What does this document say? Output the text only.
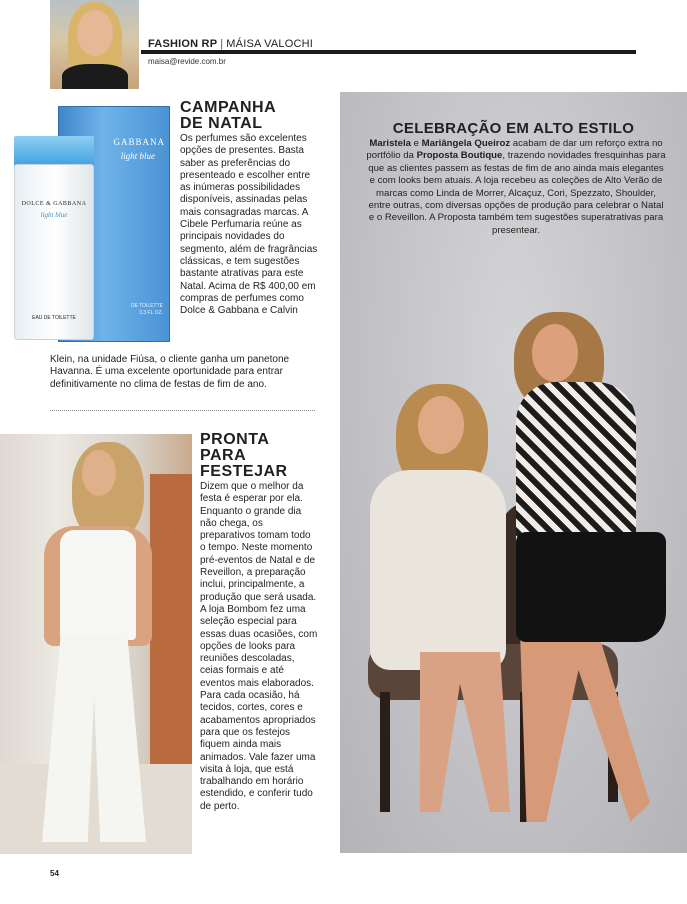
FASHION RP | MÁISA VALOCHI
maisa@revide.com.br
GABBANA
light blue
DE TOILETTE
3.3 FL.OZ.
DOLCE & GABBANA
light blue
EAU DE TOILETTE
CAMPANHA
DE NATAL
Os perfumes são excelentes opções de presentes. Basta saber as preferências do presenteado e escolher entre as inúmeras possibilidades disponíveis, assinadas pelas mais consagradas marcas. A Cibele Perfumaria reúne as principais novidades do segmento, além de fragrâncias clássicas, e tem sugestões bastante atrativas para este Natal. Acima de R$ 400,00 em compras de perfumes como Dolce & Gabbana e Calvin
Klein, na unidade Fiúsa, o cliente ganha um panetone Havanna. É uma excelente oportunidade para entrar definitivamente no clima de festas de fim de ano.
PRONTA
PARA
FESTEJAR
Dizem que o melhor da festa é esperar por ela. Enquanto o grande dia não chega, os preparativos tomam todo o tempo. Neste momento pré-eventos de Natal e de Reveillon, a preparação inclui, principalmente, a produção que será usada. A loja Bombom fez uma seleção especial para essas duas ocasiões, com opções de looks para reuniões descoladas, ceias formais e até eventos mais elaborados. Para cada ocasião, há tecidos, cortes, cores e acabamentos apropriados para que os festejos fiquem ainda mais animados. Vale fazer uma visita à loja, que está trabalhando em horário estendido, e conferir tudo de perto.
CELEBRAÇÃO EM ALTO ESTILO
Maristela e Mariângela Queiroz acabam de dar um reforço extra no portfólio da Proposta Boutique, trazendo novidades fresquinhas para que as clientes passem as festas de fim de ano ainda mais elegantes e com looks bem atuais. A loja recebeu as coleções de Alto Verão de marcas como Linda de Morrer, Alcaçuz, Cori, Spezzato, Shoulder, entre outras, com diversas opções de produção para celebrar o Natal e o Reveillon. A Proposta também tem sugestões superatrativas para presentear.
54
